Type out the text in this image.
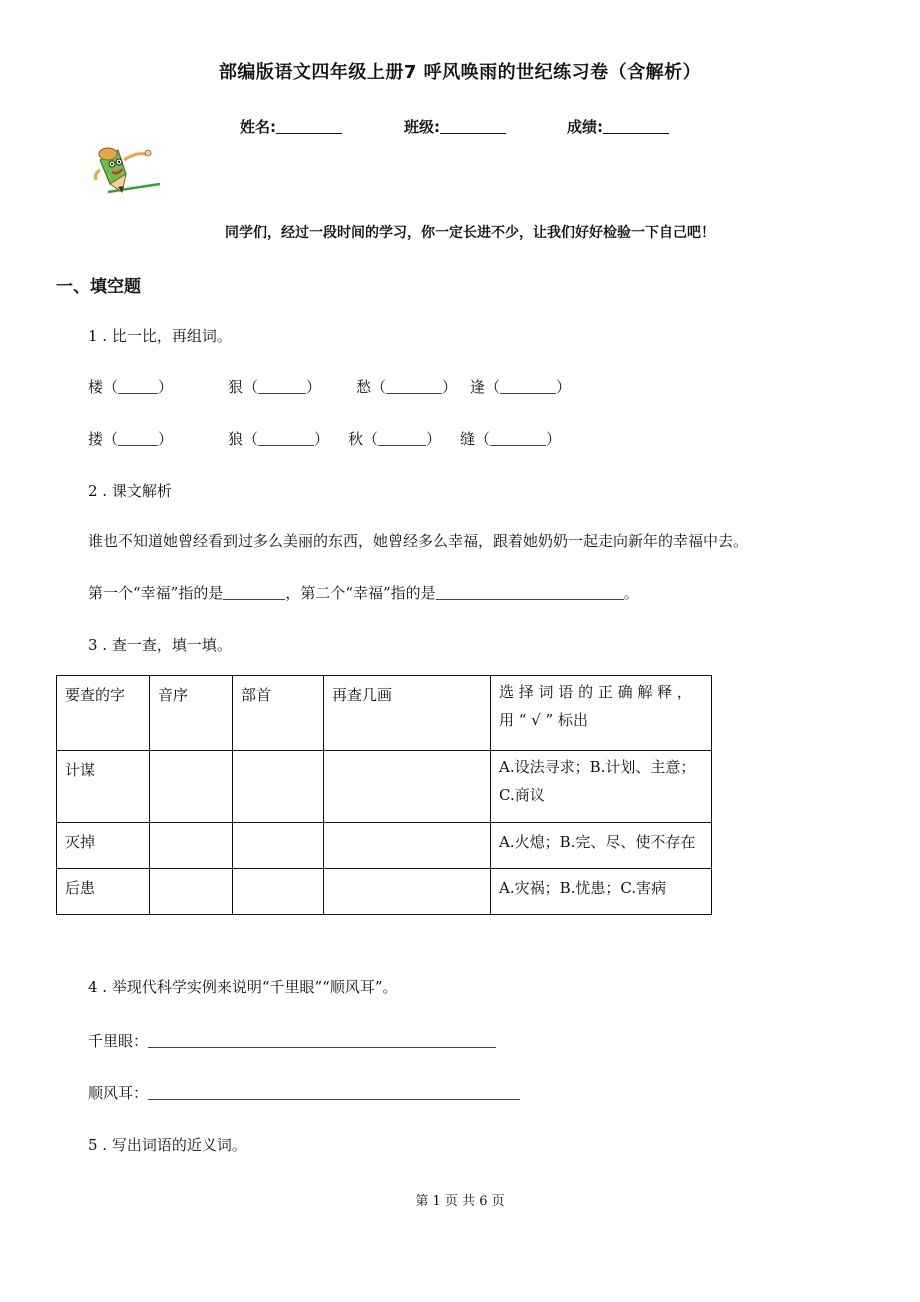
部编版语文四年级上册7 呼风唤雨的世纪练习卷（含解析）
姓名:	班级:	成绩:
同学们，经过一段时间的学习，你一定长进不少，让我们好好检验一下自己吧！
一、填空题
1 . 比一比，再组词。
楼（	）	狠（	） 愁（	） 逢（	）
搂（	）	狼（	） 秋（	） 缝（	）
2 . 课文解析
谁也不知道她曾经看到过多么美丽的东西，她曾经多么幸福，跟着她奶奶一起走向新年的幸福中去。
第一个“幸福”指的是	，第二个“幸福”指的是	。
3 . 查一查，填一填。
要查的字	音序	部首	再查几画	选 择 词 语 的 正 确 解 释 ， 用 “ √ ” 标出
计谋				A.设法寻求；B.计划、主意；C.商议
灭掉				A.火熄；B.完、尽、使不存在
后患				A.灾祸；B.忧患；C.害病
4 . 举现代科学实例来说明“千里眼”“顺风耳”。
千里眼：
顺风耳：
5 . 写出词语的近义词。
第 1 页 共 6 页
